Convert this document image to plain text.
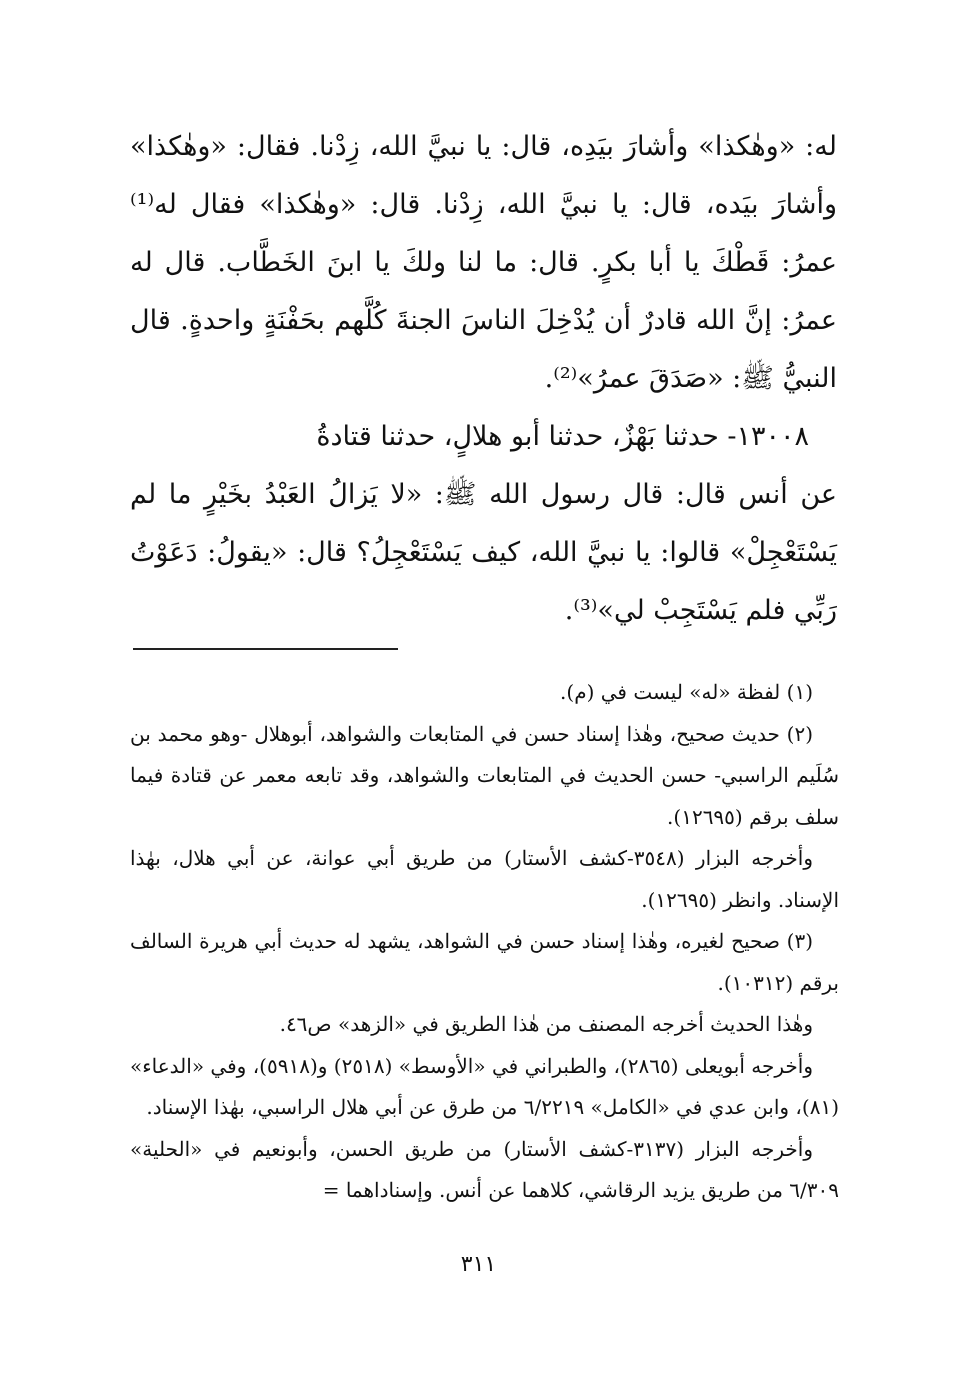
له: «وهٰكذا» وأشارَ بيَدِه، قال: يا نبيَّ الله، زِدْنا. فقال: «وهٰكذا» وأشارَ بيَده، قال: يا نبيَّ الله، زِدْنا. قال: «وهٰكذا» فقال له⁽¹⁾ عمرُ: قَطْكَ يا أبا بكرٍ. قال: ما لنا ولكَ يا ابنَ الخَطَّاب. قال له عمرُ: إنَّ الله قادرٌ أن يُدْخِلَ الناسَ الجنةَ كُلَّهم بحَفْنَةٍ واحدةٍ. قال النبيُّ ﷺ: «صَدَقَ عمرُ»⁽²⁾.

١٣٠٠٨- حدثنا بَهْزٌ، حدثنا أبو هلالٍ، حدثنا قتادةُ

عن أنس قال: قال رسول الله ﷺ: «لا يَزالُ العَبْدُ بخَيْرٍ ما لم يَسْتَعْجِلْ» قالوا: يا نبيَّ الله، كيف يَسْتَعْجِلُ؟ قال: «يقولُ: دَعَوْتُ رَبِّي فلم يَسْتَجِبْ لي»⁽³⁾.

(١) لفظة «له» ليست في (م).

(٢) حديث صحيح، وهٰذا إسناد حسن في المتابعات والشواهد، أبوهلال -وهو محمد بن سُلَيم الراسبي- حسن الحديث في المتابعات والشواهد، وقد تابعه معمر عن قتادة فيما سلف برقم (١٢٦٩٥).

وأخرجه البزار (٣٥٤٨-كشف الأستار) من طريق أبي عوانة، عن أبي هلال، بهٰذا الإسناد. وانظر (١٢٦٩٥).

(٣) صحيح لغيره، وهٰذا إسناد حسن في الشواهد، يشهد له حديث أبي هريرة السالف برقم (١٠٣١٢).

وهٰذا الحديث أخرجه المصنف من هٰذا الطريق في «الزهد» ص٤٦.

وأخرجه أبويعلى (٢٨٦٥)، والطبراني في «الأوسط» (٢٥١٨) و(٥٩١٨)، وفي «الدعاء» (٨١)، وابن عدي في «الكامل» ٦/٢٢١٩ من طرق عن أبي هلال الراسبي، بهٰذا الإسناد.

وأخرجه البزار (٣١٣٧-كشف الأستار) من طريق الحسن، وأبونعيم في «الحلية» ٦/٣٠٩ من طريق يزيد الرقاشي، كلاهما عن أنس. وإسناداهما =

٣١١
